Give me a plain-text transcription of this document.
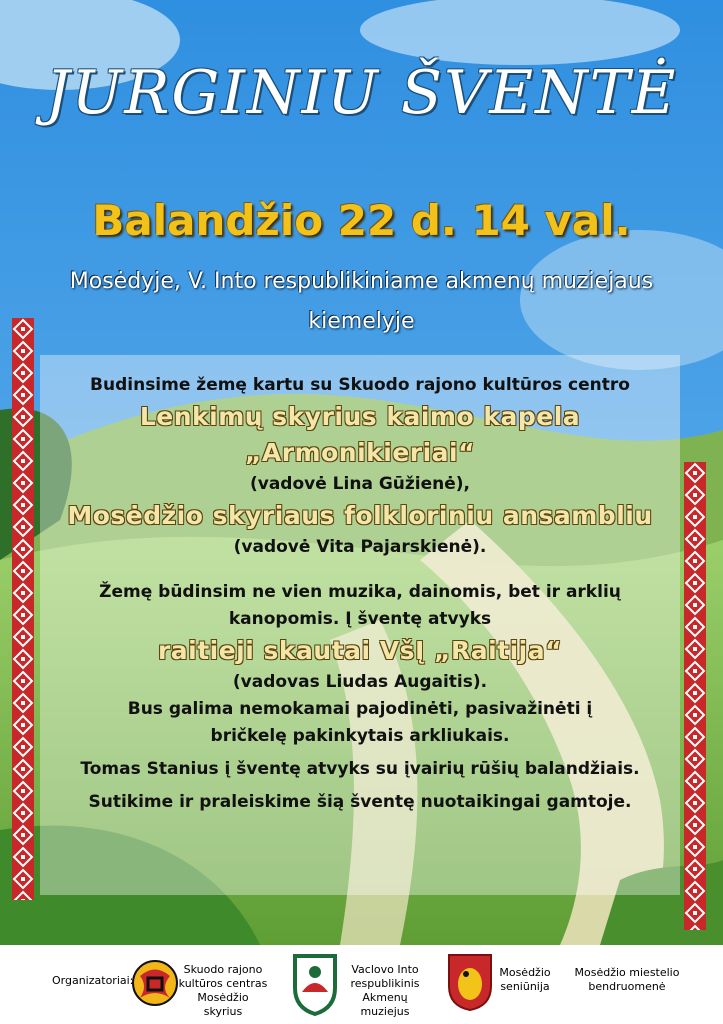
JURGINIU ŠVENTĖ
Balandžio 22 d. 14 val.
Mosėdyje, V. Into respublikiniame akmenų muziejaus
kiemelyje
Budinsime žemę kartu su Skuodo rajono kultūros centro
Lenkimų skyrius kaimo kapela
„Armonikieriai“
(vadovė Lina Gūžienė),
Mosėdžio skyriaus folkloriniu ansambliu
(vadovė Vita Pajarskienė).
Žemę būdinsim ne vien muzika, dainomis, bet ir arklių
kanopomis. Į šventę atvyks
raitieji skautai VšĮ „Raitija“
(vadovas Liudas Augaitis).
Bus galima nemokamai pajodinėti, pasivažinėti į
bričkelę pakinkytais arkliukais.
Tomas Stanius į šventę atvyks su įvairių rūšių balandžiais.
Sutikime ir praleiskime šią šventę nuotaikingai gamtoje.
Organizatoriai:
Skuodo rajono
kultūros centras
Mosėdžio skyrius
Vaclovo Into
respublikinis
Akmenų muziejus
Mosėdžio
seniūnija
Mosėdžio miestelio
bendruomenė
